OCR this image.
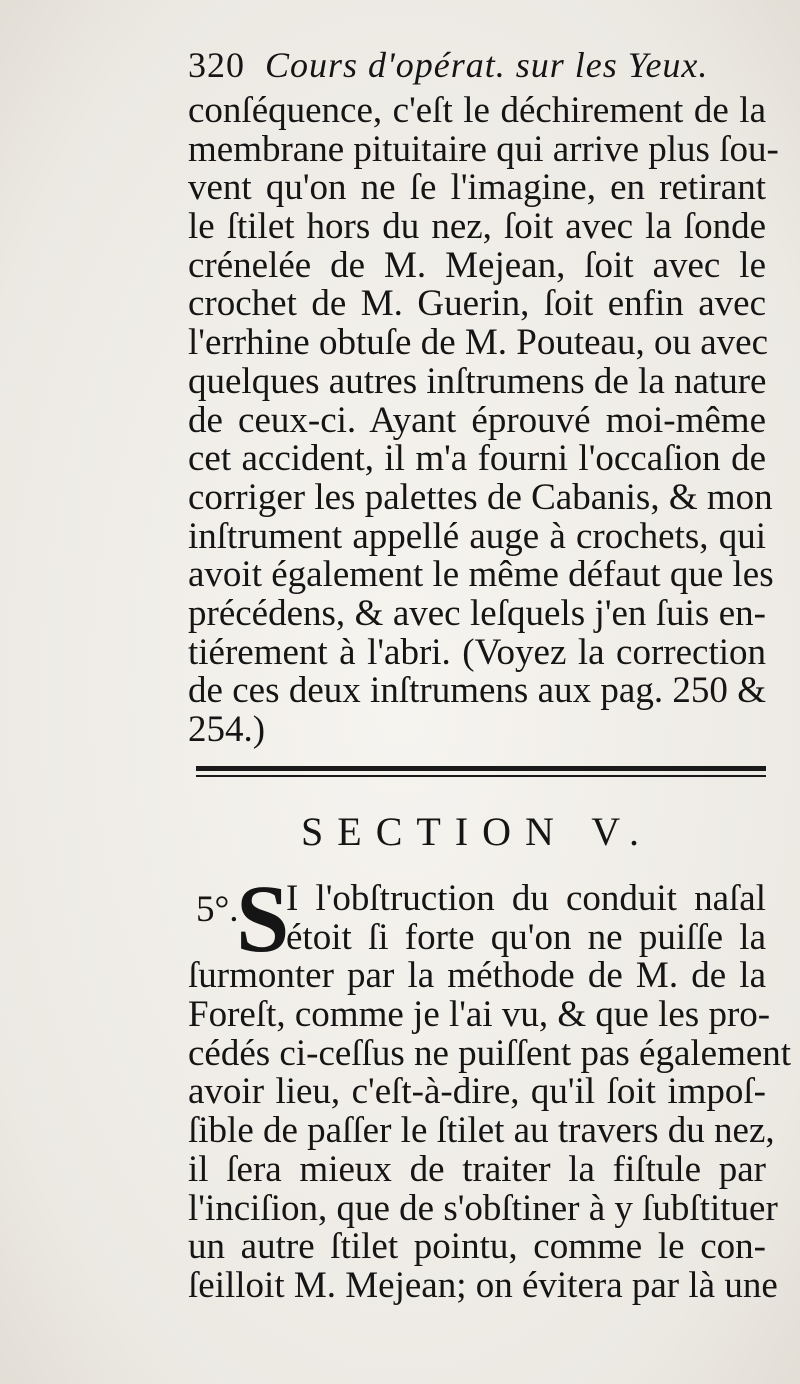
320 Cours d'opérat. sur les Yeux.
conſéquence, c'eſt le déchirement de la
membrane pituitaire qui arrive plus ſou-
vent qu'on ne ſe l'imagine, en retirant
le ſtilet hors du nez, ſoit avec la ſonde
crénelée de M. Mejean, ſoit avec le
crochet de M. Guerin, ſoit enfin avec
l'errhine obtuſe de M. Pouteau, ou avec
quelques autres inſtrumens de la nature
de ceux-ci. Ayant éprouvé moi-même
cet accident, il m'a fourni l'occaſion de
corriger les palettes de Cabanis, & mon
inſtrument appellé auge à crochets, qui
avoit également le même défaut que les
précédens, & avec leſquels j'en ſuis en-
tiérement à l'abri. (Voyez la correction
de ces deux inſtrumens aux pag. 250 &
254.)
SECTION V.
5°.
S
I l'obſtruction du conduit naſal
étoit ſi forte qu'on ne puiſſe la
ſurmonter par la méthode de M. de la
Foreſt, comme je l'ai vu, & que les pro-
cédés ci-ceſſus ne puiſſent pas également
avoir lieu, c'eſt-à-dire, qu'il ſoit impoſ-
ſible de paſſer le ſtilet au travers du nez,
il ſera mieux de traiter la fiſtule par
l'inciſion, que de s'obſtiner à y ſubſtituer
un autre ſtilet pointu, comme le con-
ſeilloit M. Mejean; on évitera par là une
